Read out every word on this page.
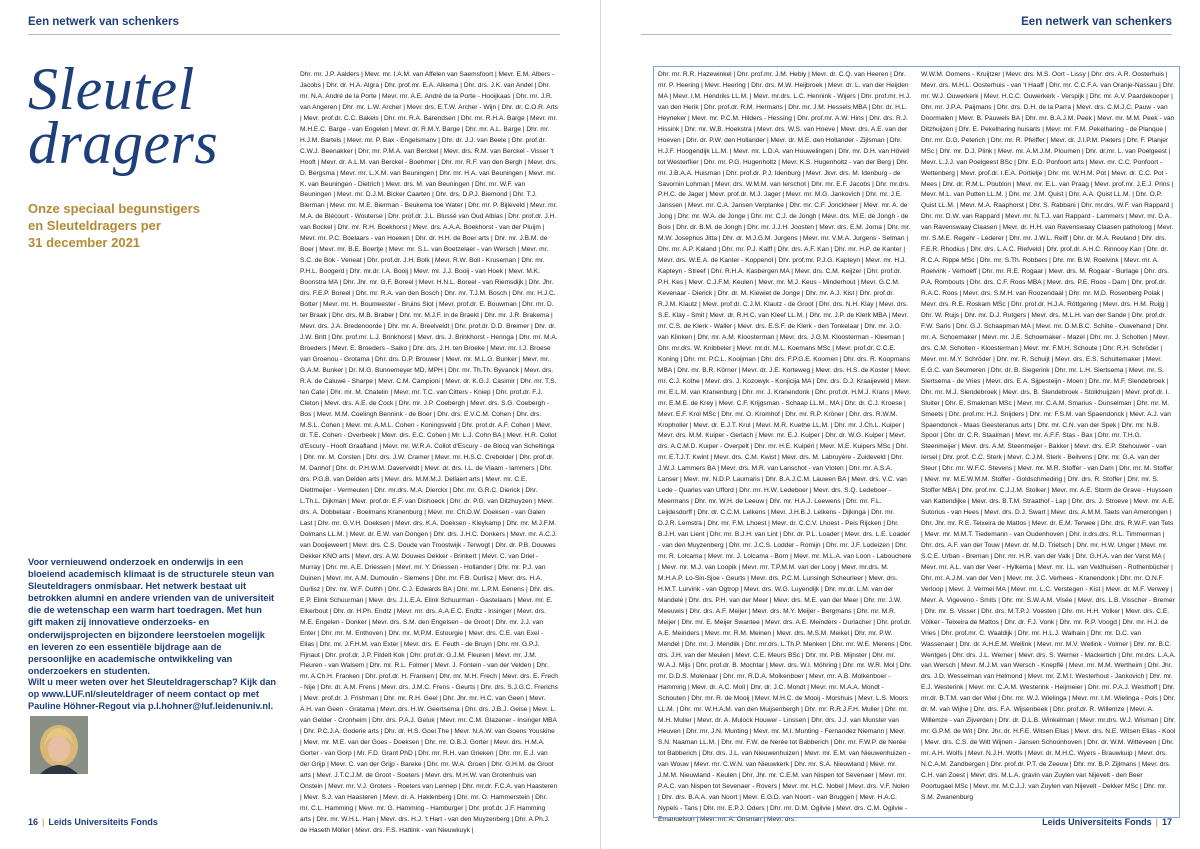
Een netwerk van schenkers
Sleutel
dragers
Onze speciaal begunstigers
en Sleuteldragers per
31 december 2021
Voor vernieuwend onderzoek en onderwijs in een bloeiend academisch klimaat is de structurele steun van Sleuteldragers onmisbaar. Het netwerk bestaat uit betrokken alumni en andere vrienden van de universiteit die de wetenschap een warm hart toedragen. Met hun gift maken zij innovatieve onderzoeks- en onderwijsprojecten en bijzondere leerstoelen mogelijk en leveren zo een essentiële bijdrage aan de persoonlijke en academische ontwikkeling van onderzoekers en studenten.
Wilt u meer weten over het Sleuteldragerschap? Kijk dan op www.LUF.nl/sleuteldrager of neem contact op met Pauline Höhner-Regout via p.l.hohner@luf.leidenuniv.nl.
Dhr. mr. J.P. Aalders | Mevr. mr. I.A.M. van Affelen van Saemsfoort | Mevr. E.M. Albers - Jacobs | Dhr. dr. H.A. Algra | Dhr. prof.mr. E.A. Alkema | Dhr. drs. J.K. van Andel | Dhr. mr. N.A. André de la Porte | Mevr. mr. A.E. André de la Porte - Hooijkaas | Dhr. mr. J.R. van Angeren | Dhr. mr. L.W. Archer | Mevr. drs. E.T.W. Archer - Wijn | Dhr. dr. C.O.R. Arts | Mevr. prof.dr. C.C. Bakels | Dhr. mr. R.A. Barendsen | Dhr. mr. R.H.A. Barge | Mevr. mr. M.H.E.C. Barge - van Engelen | Mevr. dr. R.M.Y. Barge | Dhr. mr. A.L. Barge | Dhr. mr. H.J.M. Bartels | Mevr. mr. P. Bax - Engelsmanv | Dhr. dr. J.J. van Beele | Dhr. prof.dr. C.W.J. Beenakker | Dhr. mr. P.M.A. van Berckel | Mevr. drs. R.M. van Berckel - Visser 't Hooft | Mevr. dr. A.L.M. van Berckel - Boehmer | Dhr. mr. R.F. van den Bergh | Mevr. drs. D. Bergsma | Mevr. mr. L.X.M. van Beuningen | Dhr. mr. H.A. van Beuningen | Mevr. mr. K. van Beuningen - Dietrich | Mevr. drs. M. van Beuningen | Dhr. mr. W.F. van Beuningen | Mevr. mr. D.J.M. Bicker Caarten | Dhr. drs. D.P.J. Biemond | Dhr. T.J. Bierman | Mevr. mr. M.E. Bierman - Beukema toe Water | Dhr. mr. P. Bijleveld | Mevr. mr. M.A. de Blécourt - Wouterse | Dhr. prof.dr. J.L. Blussé van Oud Alblas | Dhr. prof.dr. J.H. van Bockel | Dhr. mr. R.H. Boekhorst | Mevr. drs. A.A.A. Boekhorst - van der Pluijm | Mevr. mr. P.C. Boelaars - van Hoeken | Dhr. dr. H.H. de Boer arts | Dhr. mr. J.B.M. de Boer | Mevr. mr. B.E. Boertje | Mevr. mr. S.L. van Boetzelaer - van Wersch | Mevr. mr. S.C. de Bok - Veneat | Dhr. prof.dr. J.H. Bolk | Mevr. R.W. Boll - Kruseman | Dhr. mr. P.H.L. Boogerd | Dhr. mr.dr. I.A. Booij | Mevr. mr. J.J. Booij - van Hoek | Mevr. M.K. Boonstra MA | Dhr. Jhr. mr. G.F. Boreel | Mevr. H.N.L. Boreel - van Riemsdijk | Dhr. Jhr. drs. F.E.P. Boreel | Dhr. mr. R.A. van den Bosch | Dhr. mr. T.J.M. Bosch | Dhr. mr. H.J.C. Botter | Mevr. mr. H. Boumeester - Bruins Slot | Mevr. prof.dr. E. Bouwman | Dhr. mr. D. ter Braak | Dhr. drs. M.B. Braber | Dhr. mr. M.J.F. in de Braekt | Dhr. mr. J.R. Brakema | Mevr. drs. J.A. Bredenoorde | Dhr. mr. A. Breelveldt | Dhr. prof.dr. D.D. Breimer | Dhr. dr. J.W. Britt | Dhr. prof.mr. L.J. Brinkhorst | Mevr. drs. J. Brinkhorst - Heringa | Dhr. mr. M.A. Broeders | Mevr. E. Broeders - Saiko | Dhr. drs. J.H. ten Broeke | Mevr. mr. I.J. Broese van Groenou - Grotama | Dhr. drs. D.P. Brouwer | Mevr. mr. M.L.G. Bunker | Mevr. mr. G.A.M. Bunker | Dr. M.G. Bunnemeyer MD, MPH | Dhr. mr. Th.Th. Byvanck | Mevr. drs. R.A. de Caluwé - Sharpe | Mevr. C.M. Campioni | Mevr. dr. K.G.J. Casimir | Dhr. mr. T.S. ten Cate | Dhr. mr. M. Chatelin | Mevr. mr. T.C. van Citters - Kniep | Dhr. prof.dr. F.J. Cleton | Mevr. drs. A.E. de Cock | Dhr. mr. J.P. Coebergh | Mevr. drs. S.G. Coebergh - Bos | Mevr. M.M. Coelingh Bennink - de Boer | Dhr. drs. E.V.C.M. Cohen | Dhr. drs. M.S.L. Cohen | Mevr. mr. A.M.L. Cohen - Koningsveld | Dhr. prof.dr. A.F. Cohen | Mevr. dr. T.E. Cohen - Overbeek | Mevr. drs. E.C. Cohen | Mr. L.J. Cohn BA | Mevr. H.R. Collot d'Escury - Hooft Graafland | Mevr. mr. W.R.A. Collot d'Escury - de Blocq van Scheltinga | Dhr. mr. M. Corsten | Dhr. drs. J.W. Cramer | Mevr. mr. H.S.C. Crebolder | Dhr. prof.dr. M. Danhof | Dhr. dr. P.H.W.M. Daverveldt | Mevr. dr. drs. I.L. de Vlaam - lammers | Dhr. drs. P.G.B. van Delden arts | Mevr. drs. M.M.M.J. Dellaert arts | Mevr. mr. C.E. Diettmeijer - Vermeulen | Dhr. mr.drs. M.A. Dierckx | Dhr. mr. G.R.C. Dierick | Dhr. L.Th.L. Dijkman | Mevr. prof.dr. E.F. van Dishoeck | Dhr. dr. P.G. van Ditzhuyzen | Mevr. drs. A. Dobbelaar - Boelmans Kranenburg | Mevr. mr. Ch.D.W. Doeksen - van Galen Last | Dhr. mr. G.V.H. Doeksen | Mevr. drs. K.A. Doeksen - Kleykamp | Dhr. mr. M.J.F.M. Dolmans LL.M. | Mevr. dr. E.W. van Dongen | Dhr. drs. J.H.C. Donkers | Mevr. mr. A.C.J. van Dooijeweert | Mevr. drs. C.S. Doude van Troostwijk - Terwogt | Dhr. dr. P.B. Douwes Dekker KNO arts | Mevr. drs. A.W. Douwes Dekker - Brinkert | Mevr. C. van Driel - Murray | Dhr. mr. A.E. Driessen | Mevr. mr. Y. Driessen - Hollander | Dhr. mr. P.J. van Duinen | Mevr. mr. A.M. Dumoulin - Siemens | Dhr. mr. F.B. Durlisz | Mevr. drs. H.A. Durlisz | Dhr. mr. W.F. Duthh | Dhr. C.J. Edwards BA | Dhr. mr. L.P.M. Eenens | Dhr. drs. E.P. Elink Schuurman | Mevr. drs. J.L.E.A. Elink Schuurman - Gastelaars | Mevr. mr. E. Elkerbout | Dhr. dr. H.Ph. Endtz | Mevr. mr. drs. A.A.E.C. Endtz - Insinger | Mevr. drs. M.E. Engelen - Donker | Mevr. drs. S.M. den Engelsen - de Groot | Dhr. mr. J.J. van Enter | Dhr. mr. M. Enthoven | Dhr. mr. M.P.M. Estourgie | Mevr. drs. C.E. van Exel - Elias | Dhr. mr. J.F.H.M. van Exter | Mevr. drs. E. Feuth - de Bruyn | Dhr. mr. G.P.J. Fijnaut | Dhr. prof.dr. J.P. Fildelt Kok | Dhr. prof.dr. G.J.M. Fleuren | Mevr. mr. J.M. Fleuren - van Walsem | Dhr. mr. R.L. Folmer | Mevr. J. Fontein - van der Velden | Dhr. mr. A.Ch.H. Franken | Dhr. prof.dr. H. Franken | Dhr. mr. M.H. Frech | Mevr. drs. E. Frech - Nije | Dhr. dr. A.M. Frens | Mevr. drs. J.M.C. Frens - Geurts | Dhr. drs. S.J.G.C. Frerichs | Mevr. prof.dr. J. Frishman | Dhr. mr. R.H. Geel | Dhr. Jhr. mr. H.C. van Geen | Mevr. A.H. van Geen - Gratama | Mevr. drs. H.W. Geertsema | Dhr. drs. J.B.J. Geise | Mevr. L. van Gelder - Cronheim | Dhr. drs. P.A.J. Geluk | Mevr. mr. C.M. Glazener - Insinger MBA | Dhr. P.C.J.A. Goderie arts | Dhr. dr. H.S. Goei The | Mevr. N.A.W. van Goens Youskine | Mevr. mr. M.E. van der Goes - Doeksen | Dhr. mr. O.B.J. Gorter | Mevr. drs. H.M.A. Gorter - van Gorp | Mr. F.D. Grant PhD | Dhr. mr. R.H. van Grieken | Dhr. mr. E.J. van der Grijp | Mevr. C. van der Grijp - Bareke | Dhr. mr. W.A. Groen | Dhr. G.H.M. de Groot arts | Mevr. J.T.C.J.M. de Groot - Soeters | Mevr. drs. M.H.W. van Grotenhuis van Onstein | Mevr. mr. V.J. Groters - Roeters van Lennep | Dhr. mr.dr. F.C.A. van Haasteren | Mevr. S.J. van Haasteren | Mevr. dr. A. Haklenberg | Dhr. mr. O. Hammerstein | Dhr. mr. C.L. Hamming | Mevr. mr. G. Hamming - Hamburger | Dhr. prof.dr. J.F. Hamming arts | Dhr. mr. W.H.L. Han | Mevr. drs. H.J. 't Hart - van den Muyzenberg | Dhr. A.Ph.J. de Haseth Möller | Mevr. drs. F.S. Hattink - van Nieuwkuyk |
16 | Leids Universiteits Fonds
Een netwerk van schenkers
Dhr. mr. R.R. Hazewinkel | Dhr. prof.mr. J.M. Hebly | Mevr. dr. C.Q. van Heeren | Dhr. mr. P. Heering | Mevr. Heering | Dhr. drs. M.W. Heijbroek | Mevr. dr. L. van der Heijden MA | Mevr. I.M. Hendriks LL.M. | Mevr. mr.drs. L.C. Hennink - Wijers | Dhr. prof.mr. H.J. van den Herik | Dhr. prof.dr. R.M. Hermans | Dhr. mr. J.M. Hessels MBA | Dhr. dr. H.L. Heyneker | Mevr. mr. P.C.M. Hilders - Hessing | Dhr. prof.mr. A.W. Hins | Dhr. drs. R.J. Hissink | Dhr. mr. W.B. Hoekstra | Mevr. drs. W.S. van Hoeve | Mevr. drs. A.E. van der Hoeven | Dhr. dr. P.W. den Hollander | Mevr. dr. M.E. den Hollander - Zijlsman | Dhr. H.J.F. Hoogendijk LL.M. | Mevr. mr. L.D.A. van Houwelingen | Dhr. mr. D.H. van Hövell tot Westerflier | Dhr. mr. P.G. Hugenholtz | Mevr. K.S. Hugenholtz - van der Berg | Dhr. mr. J.B.A.A. Huisman | Dhr. prof.dr. P.J. Idenburg | Mevr. Jkvr. drs. M. Idenburg - de Savornin Lohman | Mevr. drs. W.M.M. van Ierschot | Dhr. mr. E.F. Jacobs | Dhr. mr.drs. P.H.C. de Jager | Mevr. prof.dr. M.J. Jager | Mevr. mr. M.G. Jankovich | Dhr. mr. J.E. Janssen | Mevr. mr. C.A. Jansen Verplanke | Dhr. mr. C.F. Jonckheer | Mevr. mr. A. de Jong | Dhr. mr. W.A. de Jonge | Dhr. mr. C.J. de Jongh | Mevr. drs. M.E. de Jongh - de Bois | Dhr. dr. B.M. de Jongh | Dhr. mr. J.J.H. Joosten | Mevr. drs. E.M. Jorna | Dhr. mr. M.W. Josephus Jitta | Dhr. dr. M.J.G.M. Jurgens | Mevr. mr. V.M.A. Jurgens - Selman | Dhr. mr. A.P. Kaland | Dhr. mr. P.J. Kalff | Dhr. drs. A.F. Kan | Dhr. mr. H.P. de Kanter | Mevr. drs. W.E.A. de Kanter - Koppenol | Dhr. prof.mr. P.J.G. Kapteyn | Mevr. mr. H.J. Kapteyn - Streef | Dhr. R.H.A. Kasbergen MA | Mevr. drs. C.M. Keijzer | Dhr. prof.dr. P.H. Kes | Mevr. C.J.F.M. Keulen | Mevr. mr. M.J. Keus - Minderhout | Mevr. G.C.M. Kevenaar - Dierick | Dhr. dr. M. Kiewiet de Jonge | Dhr. mr. A.J. Kist | Dhr. prof.dr. R.J.M. Klautz | Mevr. prof.dr. C.J.M. Klautz - de Groot | Dhr. drs. N.H. Klay | Mevr. drs. S.E. Klay - Smit | Mevr. dr. R.H.C. van Kleef LL.M. | Dhr. mr. J.P. de Klerk MBA | Mevr. mr. C.S. de Klerk - Waller | Mevr. drs. E.S.F. de Klerk - den Tonkelaar | Dhr. mr. J.O. van Klinken | Dhr. mr. A.M. Kloosterman | Mevr. drs. J.G.M. Kloosterman - Kleeman | Dhr. mr.drs. W. Knibbeler | Mevr. mr.dr. M.L. Koemans MSc | Mevr. prof.dr. C.C.E. Koning | Dhr. mr. P.C.L. Kooijman | Dhr. drs. F.P.G.E. Koomen | Dhr. drs. R. Koopmans MBA | Dhr. mr. B.R. Körner | Mevr. dr. J.E. Korteweg | Mevr. drs. H.S. de Koster | Mevr. mr. C.J. Kothe | Mevr. drs. J. Kozowyk - Konjicija MA | Dhr. drs. D.J. Kraaijeveld | Mevr. mr. E.L.M. van Kranenburg | Dhr. mr. J. Kranendonk | Dhr. prof.dr. H.M.J. Krans | Mevr. mr. E.M.E. de Krey | Mevr. C.F. Krijgsman - Schaap LL.M., MA | Dhr. dr. C.J. Kroese | Mevr. E.F. Krol MSc | Dhr. mr. O. Kromhof | Dhr. mr. R.P. Kröner | Dhr. drs. R.W.M. Kropholler | Mevr. dr. E.J.T. Krul | Mevr. M.R. Kuethe LL.M. | Dhr. mr. J.Ch.L. Kuiper | Mevr. drs. M.M. Kuiper - Gerlach | Mevr. mr. E.J. Kuiper | Dhr. dr. W.G. Kuiper | Mevr. drs. A.C.M.D. Kuiper - Overpelt | Dhr. mr. H.E. Kuipéri | Mevr. M.E. Kuipers MSc | Dhr. mr. E.T.J.T. Kwint | Mevr. drs. C.M. Kwist | Mevr. drs. M. Labruyère - Zuideveld | Dhr. J.W.J. Lammers BA | Mevr. drs. M.R. van Lanschot - van Vloten | Dhr. mr. A.S.A. Lanser | Mevr. mr. N.D.P. Laumans | Dhr. B.A.J.C.M. Lauwen BA | Mevr. drs. V.C. van Lede - Quarles van Ufford | Dhr. mr. H.W. Ledeboer | Mevr. drs. S.Q. Ledeboer - Meermans | Dhr. mr. W.H. de Leeuw | Dhr. mr. H.A.J. Leewens | Dhr. mr. F.L. Leijdesdorff | Dhr. dr. C.C.M. Lelkens | Mevr. J.H.B.J. Lelkens - Dijkinga | Dhr. mr. D.J.R. Lemstra | Dhr. mr. F.M. Lhoest | Mevr. dr. C.C.V. Lhoest - Peis Rijcken | Dhr. B.J.H. van Lient | Dhr. mr. B.J.H. van Lint | Dhr. dr. P.L. Loader | Mevr. drs. L.E. Loader - van den Muyzenberg | Dhr. mr. J.C.S. Lodder - Romijn | Dhr. mr. J.F. Lodeizen | Dhr. mr. R. Lolcama | Mevr. mr. J. Lolcama - Born | Mevr. mr. M.L.A. van Loon - Labouchere | Mevr. mr. M.J. van Loopik | Mevr. mr. T.P.M.M. van der Looy | Mevr. mr.drs. M. M.H.A.P. Lo-Sin-Sjoe - Geurts | Mevr. drs. P.C.M. Lunsingh Scheurleer | Mevr. drs. H.M.T. Lurvink - van Ogtrop | Mevr. drs. W.G. Luyendijk | Dhr. mr.dr. L.M. van der Mandele | Dhr. drs. P.H. van der Meer | Mevr. drs. M.E. van der Meer | Dhr. mr. J.W. Meeuwis | Dhr. drs. A.F. Meijer | Mevr. drs. M.Y. Meijer - Bergmans | Dhr. mr. M.R. Meijer | Dhr. mr. E. Meijer Swantee | Mevr. drs. A.E. Meinders - Durlacher | Dhr. prof.dr. A.E. Meinders | Mevr. mr. R.M. Meinen | Mevr. drs. M.S.M. Meikel | Dhr. mr. P.W. Mendel | Dhr. mr. J. Mendlik | Dhr. mr.drs. L.Th.P. Menken | Dhr. mr. W.E. Merens | Dhr. drs. J.H. van der Meulen | Mevr. C.E. Meurs BSc | Dhr. mr. P.B. Mijnster | Dhr. mr. W.A.J. Mijs | Dhr. prof.dr. B. Mochtar | Mevr. drs. W.I. Möhring | Dhr. mr. W.R. Mol | Dhr. mr. D.D.S. Molenaar | Dhr. mr. R.D.A. Molkenboer | Mevr. mr. A.B. Molkenboer - Hamming | Mevr. dr. A.C. Moll | Dhr. dr. J.C. Mondt | Mevr. mr. M.A.A. Mondt - Schouten | Dhr. mr. R. de Mooij | Mevr. M.H.C. de Mooij - Morshuis | Mevr. L.S. Moors LL.M. | Dhr. mr. W.H.A.M. van den Muijsenbergh | Dhr. mr. R.R.J.F.H. Muller | Dhr. mr. M.H. Muller | Mevr. dr. A. Mulock Houwer - Linssen | Dhr. drs. J.J. van Munster van Heuven | Dhr. mr. J.N. Munting | Mevr. mr. M.I. Munting - Fernandez Niemann | Mevr. S.N. Naaman LL.M. | Dhr. mr. F.W. de Nerée tot Babberich | Dhr. mr. F.W.P. de Nerée tot Babberich | Dhr. drs. J.L. van Nieuwenhuizen | Mevr. mr. E.M. van Nieuwenhuizen - van Wouw | Mevr. mr. C.W.N. van Nieuwkerk | Dhr. mr. S.A. Nieuwland | Mevr. mr. J.M.M. Nieuwland - Keulen | Dhr. Jhr. mr. C.E.M. van Nispen tot Sevenaer | Mevr. mr. P.A.C. van Nispen tot Sevenaer - Rovers | Mevr. mr. H.C. Nobel | Mevr. drs. V.F. Nolen | Dhr. drs. B.A.A. van Noort | Mevr. E.G.D. van Noort - van Bruggen | Mevr. H.A.C. Nypels - Tans | Dhr. mr. E.P.J. Oders | Dhr. mr. D.M. Ogilvie | Mevr. drs. C.M. Ogilvie - Emanuelson | Mevr. mr. A. Onsman | Mevr. drs.
W.W.M. Oomens - Kruijtzer | Mevr. drs. M.S. Oort - Lissy | Dhr. drs. A.R. Oosterhuis | Mevr. drs. M.H.L. Oosterhuis - van 't Haaff | Dhr. mr. C.C.F.A. van Oranje-Nassau | Dhr. mr. W.J. Ouwerkerk | Mevr. H.C.C. Ouwerkerk - Verspijk | Dhr. mr. A.V. Paardekooper | Dhr. mr. J.P.A. Paijmans | Dhr. drs. D.H. de la Parra | Mevr. drs. C.M.J.C. Pauw - van Doormalen | Mevr. B. Pauwels BA | Dhr. mr. B.A.J.M. Peek | Mevr. mr. M.M. Peek - van Ditzhuijzen | Dhr. E. Pekelharing huisarts | Mevr. mr. F.M. Pekelharing - de Planque | Dhr. mr. D.G. Peterich | Dhr. mr. R. Pfeiffer | Mevr. dr. J.I.P.M. Pieters | Dhr. F. Planjer MSc | Dhr. mr. D.J. Plink | Mevr. mr. A.M.J.M. Ploumen | Dhr. dr.mr. L. van Poelgeest | Mevr. L.J.J. van Poelgeest BSc | Dhr. E.D. Ponfoort arts | Mevr. mr. C.C. Ponfoort - Wettenberg | Mevr. prof.dr. I.E.A. Portielje | Dhr. mr. W.H.M. Pot | Mevr. dr. C.C. Pot - Mees | Dhr. dr. R.M.L. Poublon | Mevr. mr. E.L. van Praag | Mevr. prof.mr. J.E.J. Prins | Mevr. M.L. van Putten LL.M. | Dhr. mr. J.M. Quist | Dhr. A.A. Quist LL.M. | Dhr. O.P. Quist LL.M. | Mevr. M.A. Raaphorst | Dhr. S. Rabbani | Dhr. mr.drs. W.F. van Rappard | Dhr. mr. D.W. van Rappard | Mevr. mr. N.T.J. van Rappard - Lammers | Mevr. mr. D.A. van Ravenswaay Claasen | Mevr. dr. H.H. van Ravenswaay Claasen patholoog | Mevr. mr. S.M.E. Regehr - Lederer | Dhr. mr. J.W.L. Reiff | Dhr. dr. M.A. Reuland | Dhr. drs. F.E.R. Rhodius | Dhr. drs. L.A.C. Riefveld | Dhr. prof.dr. A.H.C. Rinnooy Kan | Dhr. dr. R.C.A. Rippe MSc | Dhr. mr. S.Th. Robbers | Dhr. mr. B.W. Roelvink | Mevr. mr. A. Roelvink - Verhoeff | Dhr. mr. R.E. Rogaar | Mevr. drs. M. Rogaar - Burlage | Dhr. drs. P.A. Rombouts | Dhr. drs. C.F. Roos MBA | Mevr. drs. P.E. Roos - Dam | Dhr. prof.dr. R.A.C. Roos | Mevr. drs. S.M.H. van Roozendaal | Dhr. mr. M.D. Rosenberg Polak | Mevr. drs. R.E. Roskam MSc | Dhr. prof.dr. H.J.A. Röttgering | Mevr. drs. H.M. Ruijg | Dhr. W. Ruijs | Dhr. mr. D.J. Rutgers | Mevr. drs. M.L.H. van der Sande | Dhr. prof.dr. F.W. Saris | Dhr. G.J. Schaapman MA | Mevr. mr. D.M.B.C. Schilte - Ouwehand | Dhr. mr. A. Schoemaker | Mevr. mr. J.E. Schoemaker - Mazel | Dhr. mr. J. Scholten | Mevr. drs. C.M. Scholten - Kloosterman | Mevr. mr. F.M.H. Schoute | Dhr. R.H. Schröder | Mevr. mr. M.Y. Schröder | Dhr. mr. R. Schuijt | Mevr. drs. E.S. Schultemaker | Mevr. E.G.C. van Seumeren | Dhr. dr. B. Siegerink | Dhr. mr. L.H. Siertsema | Mevr. mr. S. Siertsema - de Vries | Mevr. drs. E.A. Sijpesteijn - Moen | Dhr. mr. M.F. Slendebroek | Dhr. mr. M.J. Slendebroek | Mevr. drs. B. Slendebroek - Stolkhuijzen | Mevr. prof.dr. I. Sluiter | Dhr. E. Smakman MSc | Mevr. mr. C.A.M. Smarius - Dunselman | Dhr. mr. M. Smeets | Dhr. prof.mr. H.J. Snijders | Dhr. mr. F.S.M. van Spaendonck | Mevr. A.J. van Spaendonck - Maas Geesteranus arts | Dhr. mr. C.N. van der Spek | Dhr. mr. N.B. Spoor | Dhr. dr. C.R. Staalman | Mevr. mr. A.F.F. Stas - Bax | Dhr. mr. T.H.G. Steenmeijer | Mevr. drs. A.M. Steenmeijer - Bakker | Mevr. drs. E.P. Stehouwer - van Iersel | Dhr. prof. C.C. Sterk | Mevr. C.J.M. Sterk - Beilvens | Dhr. mr. G.A. van der Steur | Dhr. mr. W.F.C. Stevens | Mevr. mr. M.R. Stoffer - van Dam | Dhr. mr. M. Stoffer | Mevr. mr. M.E.W.M.M. Stoffer - Goldschmeding | Dhr. drs. R. Stoffer | Dhr. mr. S. Stoffer MBA | Dhr. prof.mr. C.J.J.M. Stolker | Mevr. mr. A.E. Storm de Grave - Huyssen van Kattendijke | Mevr. drs. B.T.M. Straathof - Lap | Dhr. drs. J. Stroeve | Mevr. mr. A.E. Sutorius - van Hees | Mevr. drs. D.J. Swart | Mevr. drs. A.M.M. Taets van Amerongen | Dhr. Jhr. mr. R.E. Teixeira de Mattos | Mevr. dr. E.M. Terwee | Dhr. drs. R.W.F. van Tets | Mevr. mr. M.M.T. Tiedemann - van Oudenhoven | Dhr. ir.drs.drs. R.L. Timmerman | Dhr. drs. A.F. van der Touw | Mevr. dr. M.D. Trietsch | Dhr. mr. H.W. Unger | Mevr. mr. S.C.E. Urban - Breman | Dhr. mr. H.R. van der Valk | Dhr. G.H.A. van der Varst MA | Mevr. mr. A.L. van der Veer - Hylkema | Mevr. mr. I.L. van Veldhuisen - Rothenbücher | Dhr. mr. A.J.M. van der Ven | Mevr. mr. J.C. Verhees - Kranendonk | Dhr. mr. O.N.F. Verloop | Mevr. J. Vermei MA | Mevr. mr. L.C. Verstegen - Kist | Mevr. dr. M.F. Verwey | Mevr. A. Vigeveno - Smits | Dhr. mr. S.W.A.M. Visée | Mevr. drs. L.B. Visscher - Bremer | Dhr. mr. S. Visser | Dhr. drs. M.T.P.J. Voesten | Dhr. mr. H.H. Volker | Mevr. drs. C.E. Völker - Teixeira de Mattos | Dhr. dr. F.J. Vonk | Dhr. mr. R.P. Voogd | Dhr. mr. H.J. de Vries | Dhr. prof.mr. C. Waaldijk | Dhr. mr. H.L.J. Walhain | Dhr. mr. D.C. van Wassenaer | Dhr. dr. A.H.E.M. Wellink | Mevr. mr. M.V. Wellink - Volmer | Dhr. mr. B.C. Wentges | Dhr. drs. J.L. Werner | Mevr. drs. S. Werner - Mackertich | Dhr. mr.drs. L.A.A. van Wersch | Mevr. M.J.M. van Wersch - Knepflé | Mevr. mr. M.M. Wertheim | Dhr. Jhr. drs. J.D. Wesselman van Helmond | Mevr. mr. Z.M.I. Westerhout - Jankovich | Dhr. mr. E.J. Westerink | Mevr. mr. C.A.M. Westerink - Heijmeier | Dhr. mr. P.A.J. Westhoff | Dhr. mr.dr. B.T.M. van der Wiel | Dhr. mr. W.J. Wielinga | Mevr. mr. I.M. Wielinga - Pols | Dhr. dr. M. van Wijhe | Dhr. drs. F.A. Wijsenbeek | Dhr. prof.dr. R. Willemze | Mevr. A. Willemze - van Zijverden | Dhr. dr. D.L.B. Winkelman | Mevr. mr.drs. W.J. Wisman | Dhr. mr. G.P.M. de Wit | Dhr. Jhr. dr. H.F.E. Witsen Elias | Mevr. drs. N.E. Witsen Elias - Kool | Mevr. drs. C.S. de Witt Wijnen - Jansen Schoonhoven | Dhr. dr. W.M. Wittevеen | Dhr. mr. A.H. Wolfs | Mevr. N.J.H. Wolfs | Mevr. dr. M.H.C. Wyers - Brauwkuip | Mevr. drs. N.C.A.M. Zandbergen | Dhr. prof.dr. P.T. de Zeeuw | Dhr. mr. B.P. Zijlmans | Mevr. drs. C.H. van Zoest | Mevr. drs. M.L.A. gravin van Zuylen van Nijevelt - den Beer Poortugael MSc | Mevr. mr. M.C.J.J. van Zuylen van Nijevelt - Dekker MSc | Dhr. mr. S.M. Zwanenburg
Leids Universiteits Fonds | 17
